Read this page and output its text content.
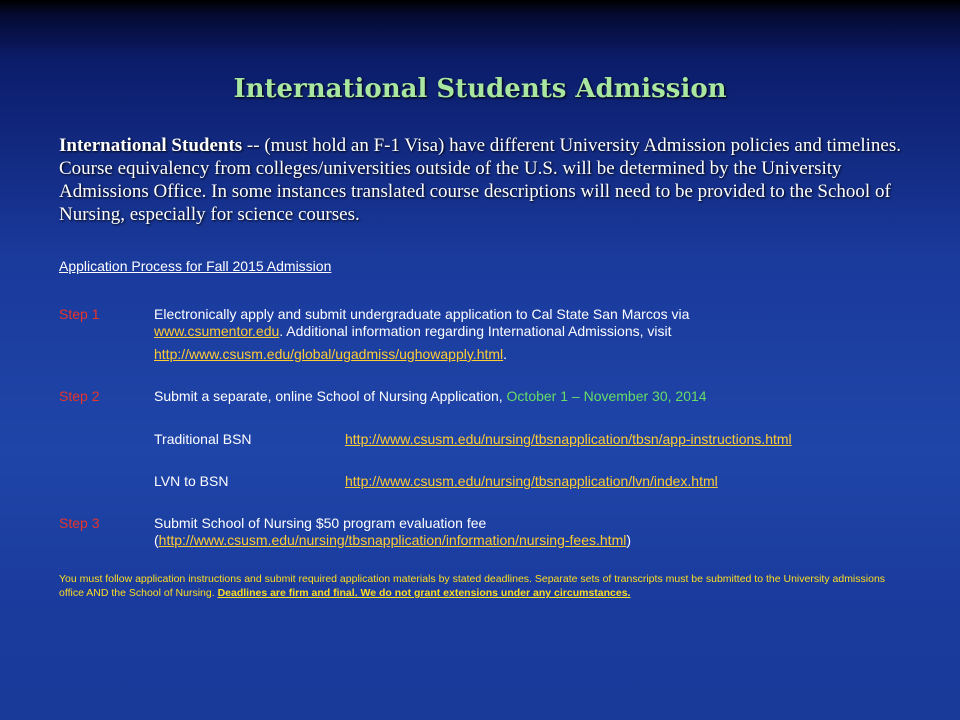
International Students Admission
International Students -- (must hold an F-1 Visa) have different University Admission policies and timelines. Course equivalency from colleges/universities outside of the U.S. will be determined by the University Admissions Office. In some instances translated course descriptions will need to be provided to the School of Nursing, especially for science courses.
Application Process for Fall 2015 Admission
Step 1	Electronically apply and submit undergraduate application to Cal State San Marcos via
www.csumentor.edu. Additional information regarding International Admissions, visit
http://www.csusm.edu/global/ugadmiss/ughowapply.html.
Step 2	Submit a separate, online School of Nursing Application, October 1 – November 30, 2014
Traditional BSN	http://www.csusm.edu/nursing/tbsnapplication/tbsn/app-instructions.html
LVN to BSN	http://www.csusm.edu/nursing/tbsnapplication/lvn/index.html
Step 3	Submit School of Nursing $50 program evaluation fee
(http://www.csusm.edu/nursing/tbsnapplication/information/nursing-fees.html)
You must follow application instructions and submit required application materials by stated deadlines. Separate sets of transcripts must be submitted to the University admissions office AND the School of Nursing. Deadlines are firm and final. We do not grant extensions under any circumstances.
